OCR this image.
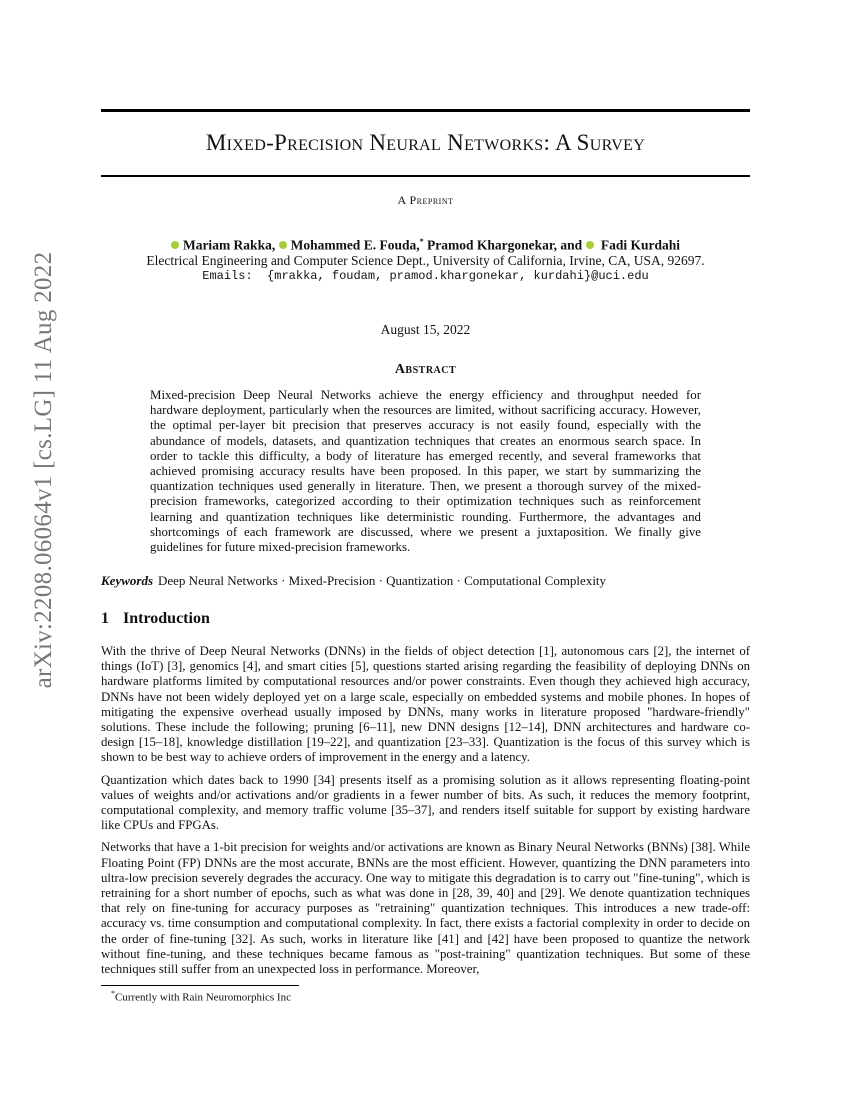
arXiv:2208.06064v1 [cs.LG] 11 Aug 2022
Mixed-Precision Neural Networks: A Survey
A Preprint
Mariam Rakka, Mohammed E. Fouda,* Pramod Khargonekar, and Fadi Kurdahi
Electrical Engineering and Computer Science Dept., University of California, Irvine, CA, USA, 92697.
Emails:  {mrakka, foudam, pramod.khargonekar, kurdahi}@uci.edu
August 15, 2022
Abstract
Mixed-precision Deep Neural Networks achieve the energy efficiency and throughput needed for hardware deployment, particularly when the resources are limited, without sacrificing accuracy. However, the optimal per-layer bit precision that preserves accuracy is not easily found, especially with the abundance of models, datasets, and quantization techniques that creates an enormous search space. In order to tackle this difficulty, a body of literature has emerged recently, and several frameworks that achieved promising accuracy results have been proposed. In this paper, we start by summarizing the quantization techniques used generally in literature. Then, we present a thorough survey of the mixed-precision frameworks, categorized according to their optimization techniques such as reinforcement learning and quantization techniques like deterministic rounding. Furthermore, the advantages and shortcomings of each framework are discussed, where we present a juxtaposition. We finally give guidelines for future mixed-precision frameworks.
Keywords Deep Neural Networks · Mixed-Precision · Quantization · Computational Complexity
1 Introduction

With the thrive of Deep Neural Networks (DNNs) in the fields of object detection [1], autonomous cars [2], the internet of things (IoT) [3], genomics [4], and smart cities [5], questions started arising regarding the feasibility of deploying DNNs on hardware platforms limited by computational resources and/or power constraints. Even though they achieved high accuracy, DNNs have not been widely deployed yet on a large scale, especially on embedded systems and mobile phones. In hopes of mitigating the expensive overhead usually imposed by DNNs, many works in literature proposed "hardware-friendly" solutions. These include the following; pruning [6–11], new DNN designs [12–14], DNN architectures and hardware co-design [15–18], knowledge distillation [19–22], and quantization [23–33]. Quantization is the focus of this survey which is shown to be best way to achieve orders of improvement in the energy and a latency.

Quantization which dates back to 1990 [34] presents itself as a promising solution as it allows representing floating-point values of weights and/or activations and/or gradients in a fewer number of bits. As such, it reduces the memory footprint, computational complexity, and memory traffic volume [35–37], and renders itself suitable for support by existing hardware like CPUs and FPGAs.

Networks that have a 1-bit precision for weights and/or activations are known as Binary Neural Networks (BNNs) [38]. While Floating Point (FP) DNNs are the most accurate, BNNs are the most efficient. However, quantizing the DNN parameters into ultra-low precision severely degrades the accuracy. One way to mitigate this degradation is to carry out "fine-tuning", which is retraining for a short number of epochs, such as what was done in [28, 39, 40] and [29]. We denote quantization techniques that rely on fine-tuning for accuracy purposes as "retraining" quantization techniques. This introduces a new trade-off: accuracy vs. time consumption and computational complexity. In fact, there exists a factorial complexity in order to decide on the order of fine-tuning [32]. As such, works in literature like [41] and [42] have been proposed to quantize the network without fine-tuning, and these techniques became famous as "post-training" quantization techniques. But some of these techniques still suffer from an unexpected loss in performance. Moreover,

*Currently with Rain Neuromorphics Inc
